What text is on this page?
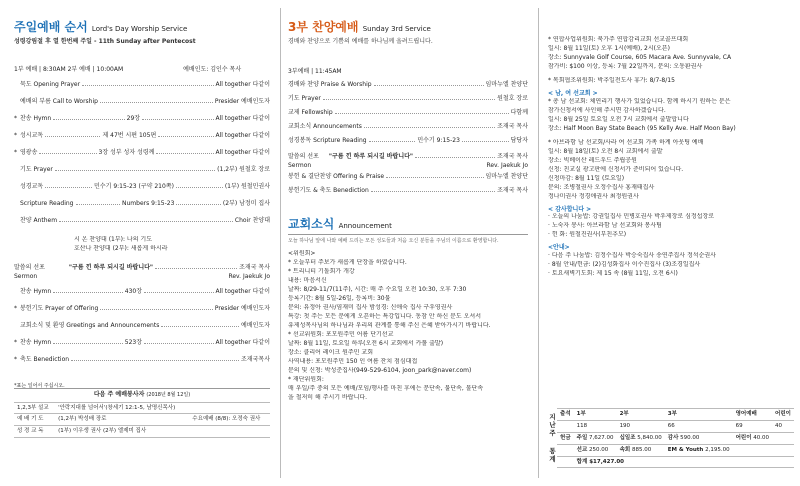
주일예배 순서 Lord's Day Worship Service
성령강림절 후 열 한번째 주일 - 11th Sunday after Pentecost
1부 예배 | 8:30AM 2부 예배 | 10:00AM	예배인도: 김인수 목사
묵도 Opening Prayer	All together 다같이
예배의 부름 Call to Worship	Presider 예배인도자
* 찬송 Hymn	29장	All together 다같이
* 성시교독	제 47번 시편 105편	All together 다같이
* 영광송	3장 성부 성자 성령께	All together 다같이
기도 Prayer	(1,2부) 원철호 장로
성경교독	민수기 9:15-23 (구약 210쪽)	(1부) 원철민권사
Scripture Reading	Numbers 9:15-23	(2부) 남정미 집사
찬양 Anthem	Choir 찬양대

시 온 찬양대 (1부): 나의 기도

호산나 찬양대 (2부): 새롭게 하시라

말씀의 선포	"구름 낀 하루 되시길 바랍니다"	조재국 목사
Sermon	Rev. Jaekuk Jo
찬송 Hymn	430장	All together 다같이
* 봉헌기도 Prayer of Offering	Presider 예배인도자
교회소식 및 환영 Greetings and Announcements	예배인도자
* 찬송 Hymn	523장	All together 다같이
* 축도 Benediction	조재국목사
*표는 일어서 주십시오.
다음 주 예배봉사자 (2018년 8월 12일)
1,2,3부 설교	'안락지대를 넘어서'(창세기 12:1-5, 남명신목사)	
예 배 기 도	(1,2부) 박성배 장로	수요예배 (8/8): 오정숙 권사
성 경 교 독	(1부) 이우생 권사 (2부) 엘제미 집사	
3부 찬양예배 Sunday 3rd Service
경배와 찬양으로 기쁨의 예배를 하나님께 올려드립니다.
3부예배 | 11:45AM
경배와 찬양 Praise & Worship	임마누엘 찬양단
기도 Prayer	원철호 장로
교제 Fellowship	다함께
교회소식 Announcements	조재국 목사
성경봉독 Scripture Reading	민수기 9:15-23	담당자
말씀의 선포 "구름 낀 하루 되시길 바랍니다"	조재국 목사
Sermon	Rev. Jaekuk Jo
봉헌 & 결단찬양 Offering & Praise	임마누엘 찬양단
봉헌기도 & 축도 Benediction	조재국 목사
교회소식 Announcement
오늘 하나님 앞에 나와 예배 드리는 모든 성도들과 처음 오신 분들을 주님의 이름으로 환영합니다.

<위원회>

* 오늘부터 주보가 새롭게 단장을 하였습니다.

* 트리니티 기돌회가 개강

내용: 마음서신

날짜: 8/29-11/7(11주), 시간: 매 주 수요일 오전 10:30, 오후 7:30

등록기간: 8월 5일-26일, 등록비: 30불

문의: 유정아 권사/염재미 집사 밤성경: 신애숙 집사 구우영권사

특강: 첫 주는 모든 분에게 오픈하는 특강입니다. 동참 안 하신 분도 오셔서

유제성목사님의 하나님과 우리의 관계를 통해 주신 은혜 받아가시기 바랍니다.

* 선교위원회: 포모원주민 어름 단기선교

날짜: 8월 11일, 토요일 하루(오전 6시 교회에서 카풀 출발)

장소: 클리어 레이크 원주민 교회

사역내용: 포모원주민 150 인 여름 잔치 점심대접

문의 및 신청: 박성준집사(949-529-6104, joon_park@naver.com)

* 재단위원회:

매 우일/주 중의 모든 예배/모임/행사를 마친 후에는 문단속, 불단속, 물단속

을 철저히 해 주시기 바랍니다.

* 연합사업위원회: 북가주 연합감리교회 선교골프대회

일시: 8월 11일(토) 오후 1시(예배), 2시(오픈)

장소: Sunnyvale Golf Course, 605 Macara Ave. Sunnyvale, CA

참가비: $100 이상, 등록: 7월 22일까지, 문의: 오동환권사

* 목회협조위원회: 박추일전도사 휴가: 8/7-8/15

< 남, 여 선교회 >

* 총 남 선교회: 체연리기 행사가 있었습니다. 함께 하시기 원하는 분은

참가신청서에 사인해 주시면 감사하겠습니다.

일시: 8월 25일 토요일 오전 7시 교회에서 출발합니다

장소: Half Moon Bay State Beach (95 Kelly Ave. Half Moon Bay)

* 아브라함 남 선교회/사라 여 선교회 가족 하계 아웃팅 예배

일시: 8월 18일(토) 오전 8시 교회에서 출발

장소: 빅베이산 레드우드 주립공원

신청: 친교실 광고판에 신청서가 준비되어 있습니다.

신청마감: 8월 11일 (토요일)

문의: 조병철권사 오정수집사 홍재태집사

정나미권사 정경애권사 최정원권사

< 감사합니다 >

· 오늘의 나눔밥: 강권일집사 민병호권사 박우제장로 심정섭장로

· 노숙자 봉사: 아브라함 남 선교회와 봉사팀

· 헌 화: 원철진권사(부친추모)

<안내>

· 다음 주 나눔밥: 김정수집사 박승숙집사 송연주집사 정석순권사

· 8월 안내/헌금: (2)김성화집사 이수진집사 (3)조경일집사

· 토요새벽기도회: 제 15 속 (8월 11일, 오전 6시)

지난 주
통계
출석	1부	2부	3부	영어예배	어린이
	118	190	66	69	40
헌금	주일 7,627.00	십일조 5,840.00	감사 590.00	어린이 40.00	
	선교 250.00	속회 885.00	EM & Youth 2,195.00		
	합계 $17,427.00				
